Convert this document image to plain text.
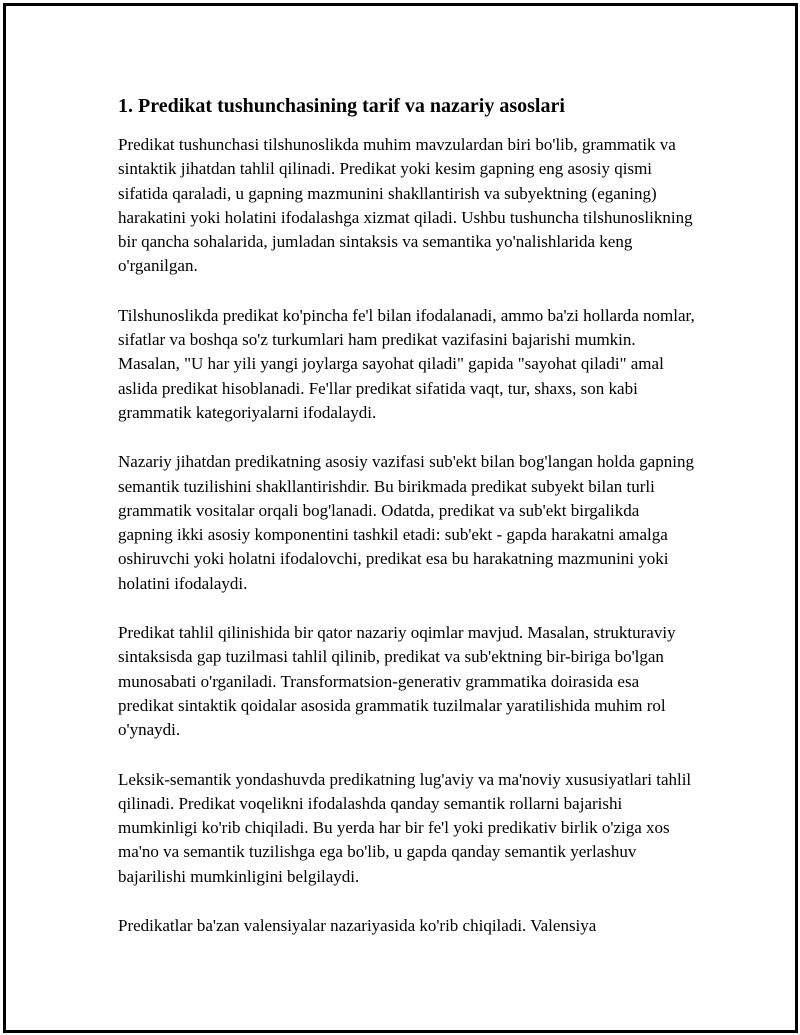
1. Predikat tushunchasining tarif va nazariy asoslari

Predikat tushunchasi tilshunoslikda muhim mavzulardan biri bo'lib, grammatik va sintaktik jihatdan tahlil qilinadi. Predikat yoki kesim gapning eng asosiy qismi sifatida qaraladi, u gapning mazmunini shakllantirish va subyektning (eganing) harakatini yoki holatini ifodalashga xizmat qiladi. Ushbu tushuncha tilshunoslikning bir qancha sohalarida, jumladan sintaksis va semantika yo'nalishlarida keng o'rganilgan.

Tilshunoslikda predikat ko'pincha fe'l bilan ifodalanadi, ammo ba'zi hollarda nomlar, sifatlar va boshqa so'z turkumlari ham predikat vazifasini bajarishi mumkin. Masalan, "U har yili yangi joylarga sayohat qiladi" gapida "sayohat qiladi" amal aslida predikat hisoblanadi. Fe'llar predikat sifatida vaqt, tur, shaxs, son kabi grammatik kategoriyalarni ifodalaydi.

Nazariy jihatdan predikatning asosiy vazifasi sub'ekt bilan bog'langan holda gapning semantik tuzilishini shakllantirishdir. Bu birikmada predikat subyekt bilan turli grammatik vositalar orqali bog'lanadi. Odatda, predikat va sub'ekt birgalikda gapning ikki asosiy komponentini tashkil etadi: sub'ekt - gapda harakatni amalga oshiruvchi yoki holatni ifodalovchi, predikat esa bu harakatning mazmunini yoki holatini ifodalaydi.

Predikat tahlil qilinishida bir qator nazariy oqimlar mavjud. Masalan, strukturaviy sintaksisda gap tuzilmasi tahlil qilinib, predikat va sub'ektning bir-biriga bo'lgan munosabati o'rganiladi. Transformatsion-generativ grammatika doirasida esa predikat sintaktik qoidalar asosida grammatik tuzilmalar yaratilishida muhim rol o'ynaydi.

Leksik-semantik yondashuvda predikatning lug'aviy va ma'noviy xususiyatlari tahlil qilinadi. Predikat voqelikni ifodalashda qanday semantik rollarni bajarishi mumkinligi ko'rib chiqiladi. Bu yerda har bir fe'l yoki predikativ birlik o'ziga xos ma'no va semantik tuzilishga ega bo'lib, u gapda qanday semantik yerlashuv bajarilishi mumkinligini belgilaydi.

Predikatlar ba'zan valensiyalar nazariyasida ko'rib chiqiladi. Valensiya
